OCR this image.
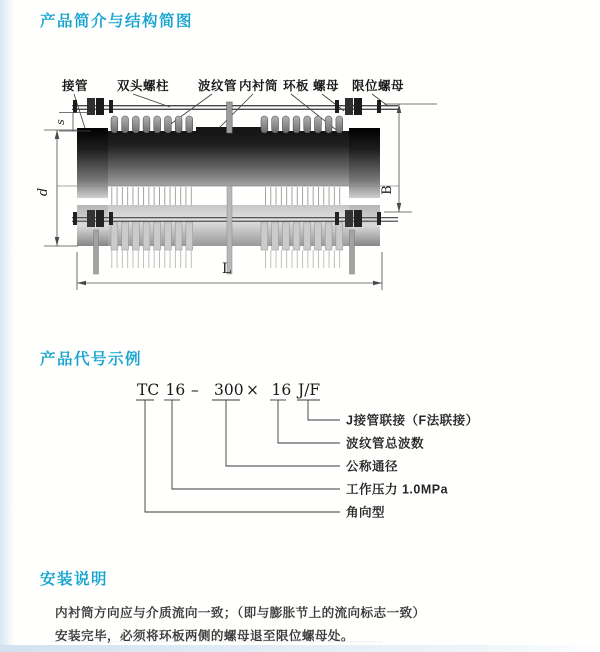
产品简介与结构简图
接管 双头螺柱 波纹管 内衬筒 环板 螺母 限位螺母
s
d	B
L
产品代号示例
TC 16 – 300 × 16 J/F
J接管联接（F法联接）
波纹管总波数
公称通径
工作压力 1.0MPa
角向型
安装说明

内衬筒方向应与介质流向一致；（即与膨胀节上的流向标志一致）

安装完毕，必须将环板两侧的螺母退至限位螺母处。
